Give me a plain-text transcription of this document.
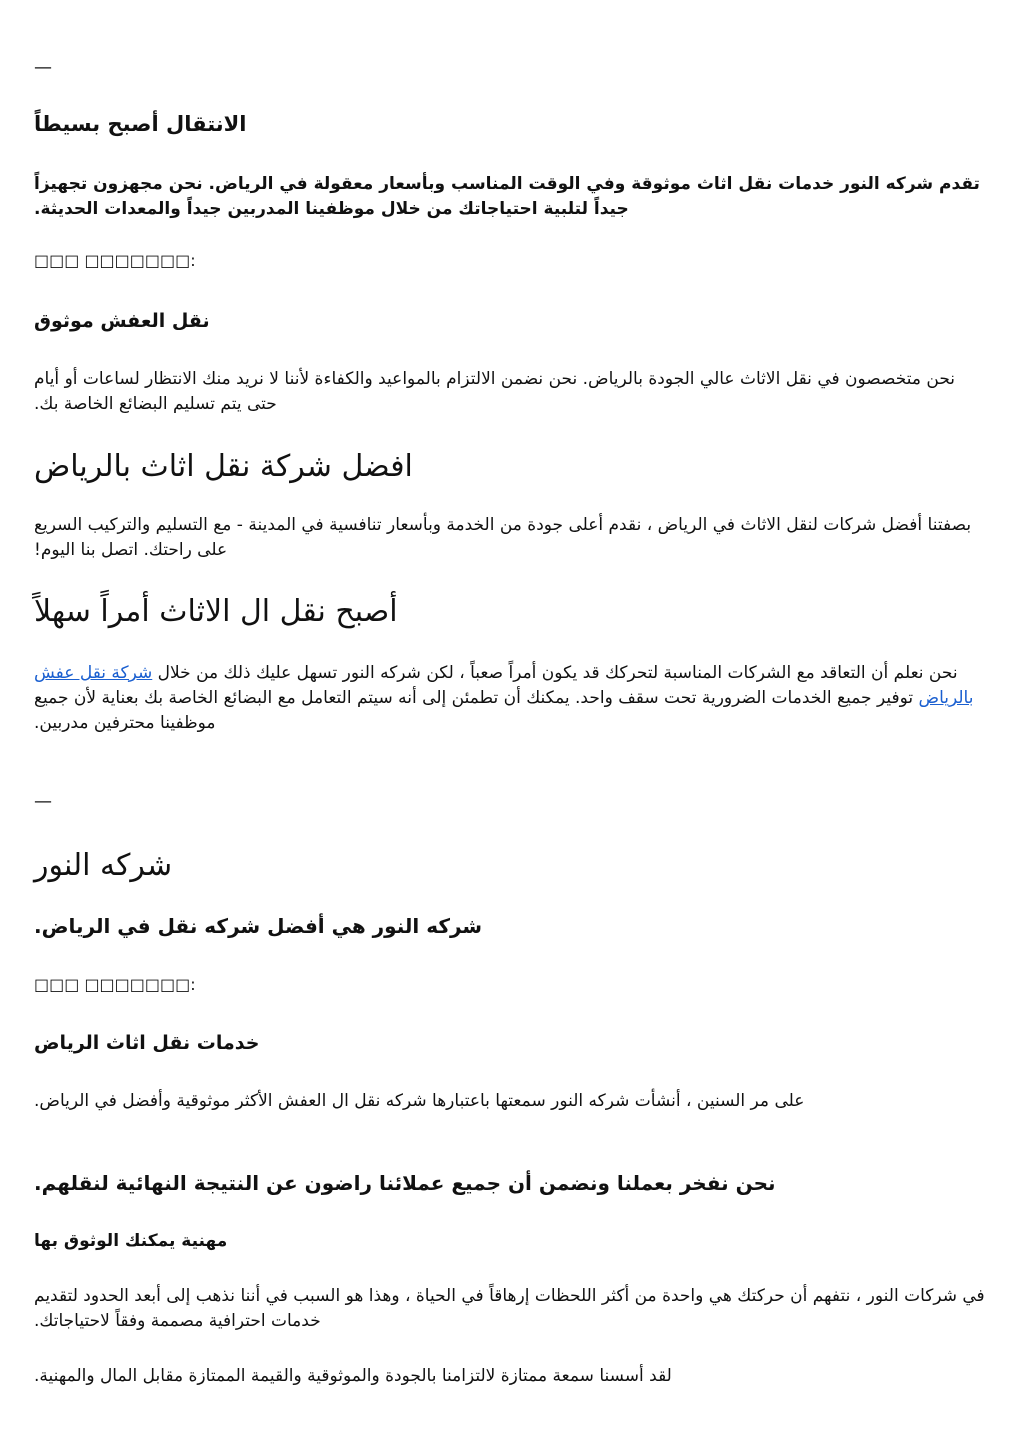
—
الانتقال أصبح بسيطاً

تقدم شركه النور خدمات نقل اثاث موثوقة وفي الوقت المناسب وبأسعار معقولة في الرياض. نحن مجهزون تجهيزاً جيداً لتلبية احتياجاتك من خلال موظفينا المدربين جيداً والمعدات الحديثة.

□□□ □□□□□□□:

نقل العفش موثوق

نحن متخصصون في نقل الاثاث عالي الجودة بالرياض. نحن نضمن الالتزام بالمواعيد والكفاءة لأننا لا نريد منك الانتظار لساعات أو أيام حتى يتم تسليم البضائع الخاصة بك.

افضل شركة نقل اثاث بالرياض

بصفتنا أفضل شركات لنقل الاثاث في الرياض ، نقدم أعلى جودة من الخدمة وبأسعار تنافسية في المدينة - مع التسليم والتركيب السريع على راحتك. اتصل بنا اليوم!

أصبح نقل ال الاثاث أمراً سهلاً

نحن نعلم أن التعاقد مع الشركات المناسبة لتحركك قد يكون أمراً صعباً ، لكن شركه النور تسهل عليك ذلك من خلال شركة نقل عفش بالرياض توفير جميع الخدمات الضرورية تحت سقف واحد. يمكنك أن تطمئن إلى أنه سيتم التعامل مع البضائع الخاصة بك بعناية لأن جميع موظفينا محترفين مدربين.

—
شركه النور
شركه النور هي أفضل شركه نقل في الرياض.

□□□ □□□□□□□:

خدمات نقل اثاث الرياض

على مر السنين ، أنشأت شركه النور سمعتها باعتبارها شركه نقل ال العفش الأكثر موثوقية وأفضل في الرياض.

نحن نفخر بعملنا ونضمن أن جميع عملائنا راضون عن النتيجة النهائية لنقلهم.
مهنية يمكنك الوثوق بها

في شركات النور ، نتفهم أن حركتك هي واحدة من أكثر اللحظات إرهاقاً في الحياة ، وهذا هو السبب في أننا نذهب إلى أبعد الحدود لتقديم خدمات احترافية مصممة وفقاً لاحتياجاتك.

لقد أسسنا سمعة ممتازة لالتزامنا بالجودة والموثوقية والقيمة الممتازة مقابل المال والمهنية.
